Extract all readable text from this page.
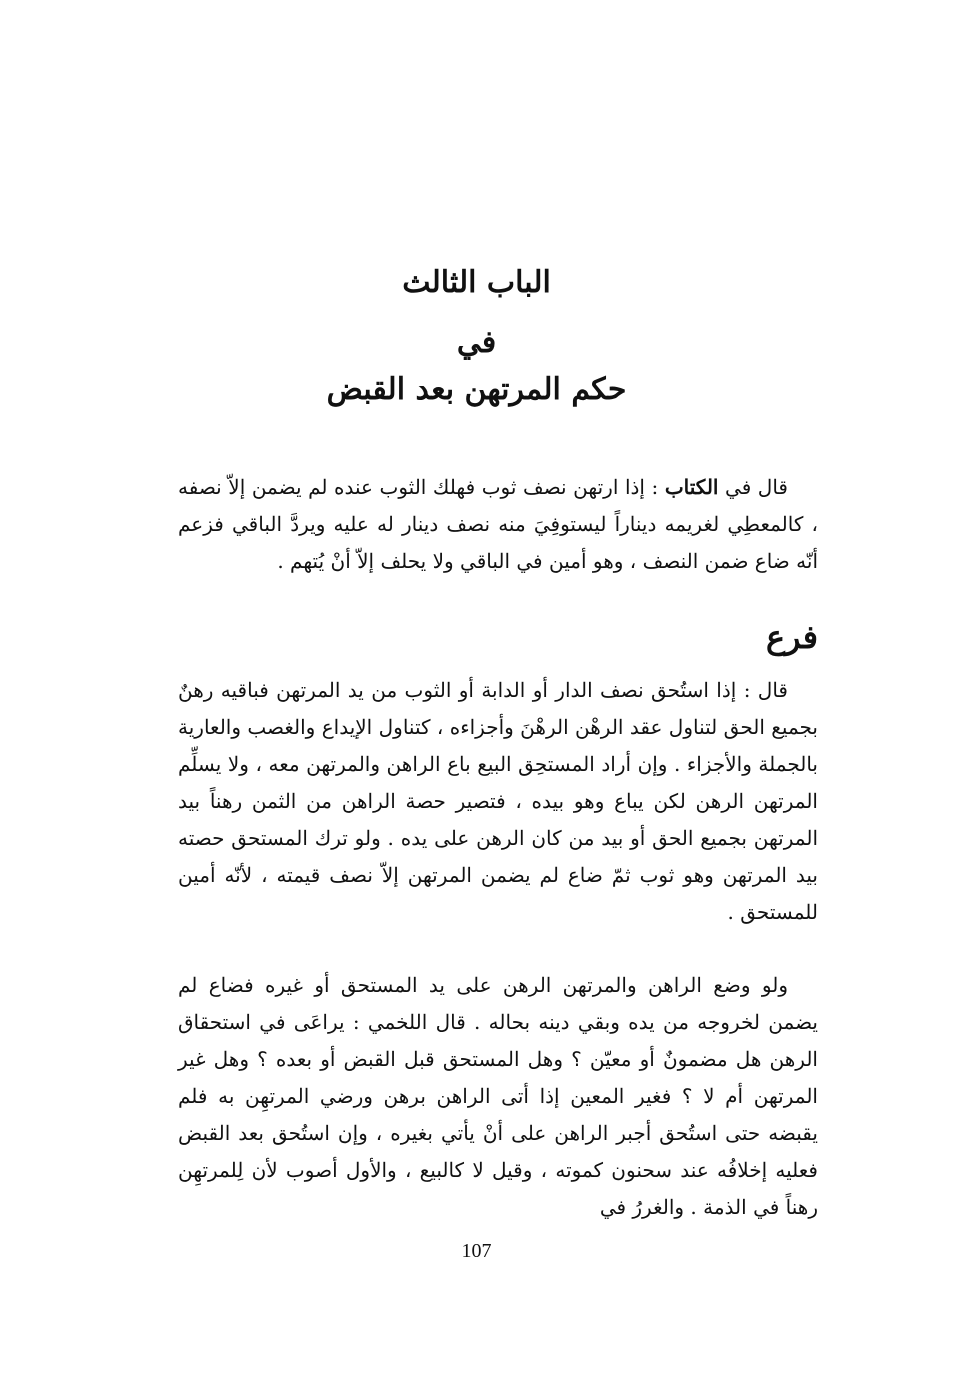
الباب الثالث
في
حكم المرتهن بعد القبض

قال في الكتاب : إذا ارتهن نصف ثوب فهلك الثوب عنده لم يضمن إلاّ نصفه ، كالمعطِي لغريمه ديناراً ليستوفِيَ منه نصف دينار له عليه ويردَّ الباقي فزعم أنّه ضاع ضمن النصف ، وهو أمين في الباقي ولا يحلف إلاّ أنْ يُتهم .

فرع

قال : إذا استُحق نصف الدار أو الدابة أو الثوب من يد المرتهن فباقيه رهنٌ بجميع الحق لتناول عقد الرهْن الرهْنَ وأجزاءه ، كتناول الإيداع والغصب والعارية بالجملة والأجزاء . وإن أراد المستحِق البيع باع الراهن والمرتهن معه ، ولا يسلِّم المرتهن الرهن لكن يباع وهو بيده ، فتصير حصة الراهن من الثمن رهناً بيد المرتهن بجميع الحق أو بيد من كان الرهن على يده . ولو ترك المستحق حصته بيد المرتهن وهو ثوب ثمّ ضاع لم يضمن المرتهن إلاّ نصف قيمته ، لأنّه أمين للمستحق .

ولو وضع الراهن والمرتهن الرهن على يد المستحق أو غيره فضاع لم يضمن لخروجه من يده وبقي دينه بحاله . قال اللخمي : يراعَى في استحقاق الرهن هل مضمونٌ أو معيّن ؟ وهل المستحق قبل القبض أو بعده ؟ وهل غير المرتهن أم لا ؟ فغير المعين إذا أتى الراهن برهن ورضي المرتهِن به فلم يقبضه حتى استُحق أجبر الراهن على أنْ يأتي بغيره ، وإن استُحق بعد القبض فعليه إخلافُه عند سحنون كموته ، وقيل لا كالبيع ، والأول أصوب لأن لِلمرتهِن رهناً في الذمة . والغررُ في

107
